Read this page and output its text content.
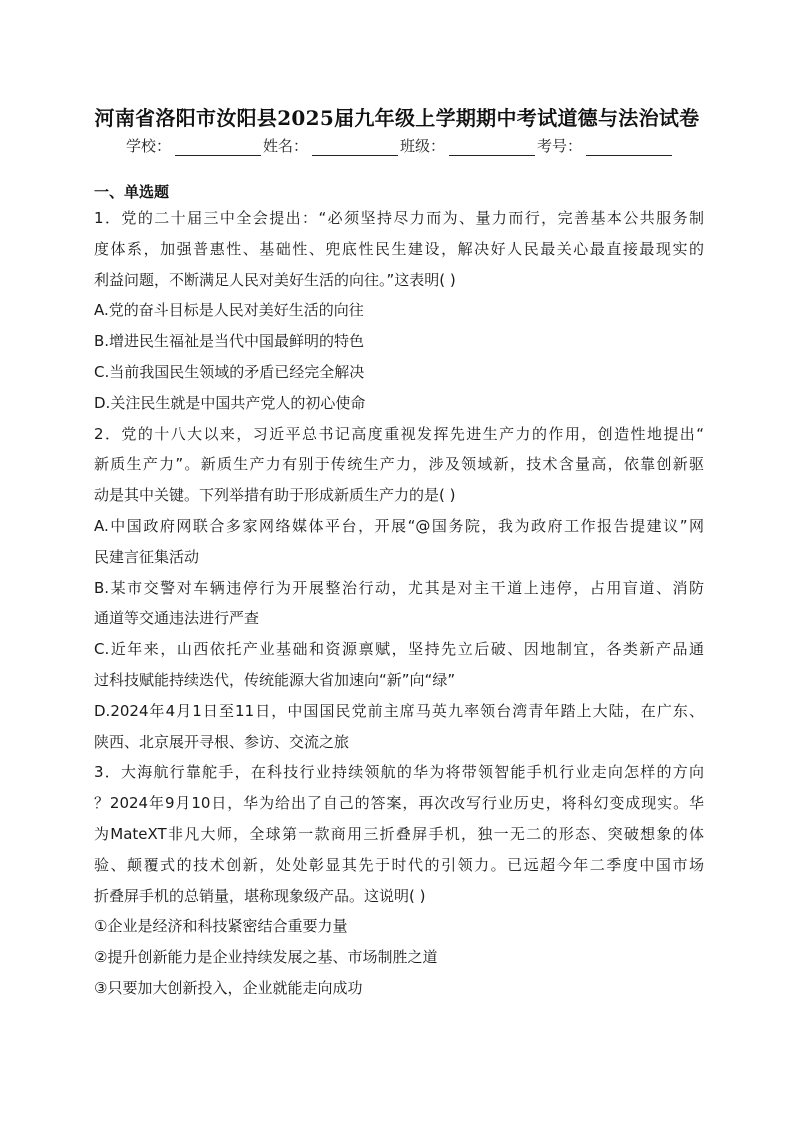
河南省洛阳市汝阳县2025届九年级上学期期中考试道德与法治试卷
学校：	姓名：	班级：	考号：
一、单选题
1．党的二十届三中全会提出：“必须坚持尽力而为、量力而行，完善基本公共服务制
度体系，加强普惠性、基础性、兜底性民生建设，解决好人民最关心最直接最现实的
利益问题，不断满足人民对美好生活的向往。”这表明( )
A.党的奋斗目标是人民对美好生活的向往
B.增进民生福祉是当代中国最鲜明的特色
C.当前我国民生领域的矛盾已经完全解决
D.关注民生就是中国共产党人的初心使命
2．党的十八大以来，习近平总书记高度重视发挥先进生产力的作用，创造性地提出“
新质生产力”。新质生产力有别于传统生产力，涉及领域新，技术含量高，依靠创新驱
动是其中关键。下列举措有助于形成新质生产力的是( )
A.中国政府网联合多家网络媒体平台，开展“@国务院，我为政府工作报告提建议”网
民建言征集活动
B.某市交警对车辆违停行为开展整治行动，尤其是对主干道上违停，占用盲道、消防
通道等交通违法进行严查
C.近年来，山西依托产业基础和资源禀赋，坚持先立后破、因地制宜，各类新产品通
过科技赋能持续迭代，传统能源大省加速向“新”向“绿”
D.2024年4月1日至11日，中国国民党前主席马英九率领台湾青年踏上大陆，在广东、
陕西、北京展开寻根、参访、交流之旅
3．大海航行靠舵手，在科技行业持续领航的华为将带领智能手机行业走向怎样的方向
？2024年9月10日，华为给出了自己的答案，再次改写行业历史，将科幻变成现实。华
为MateXT非凡大师，全球第一款商用三折叠屏手机，独一无二的形态、突破想象的体
验、颠覆式的技术创新，处处彰显其先于时代的引领力。已远超今年二季度中国市场
折叠屏手机的总销量，堪称现象级产品。这说明( )
①企业是经济和科技紧密结合重要力量
②提升创新能力是企业持续发展之基、市场制胜之道
③只要加大创新投入，企业就能走向成功
